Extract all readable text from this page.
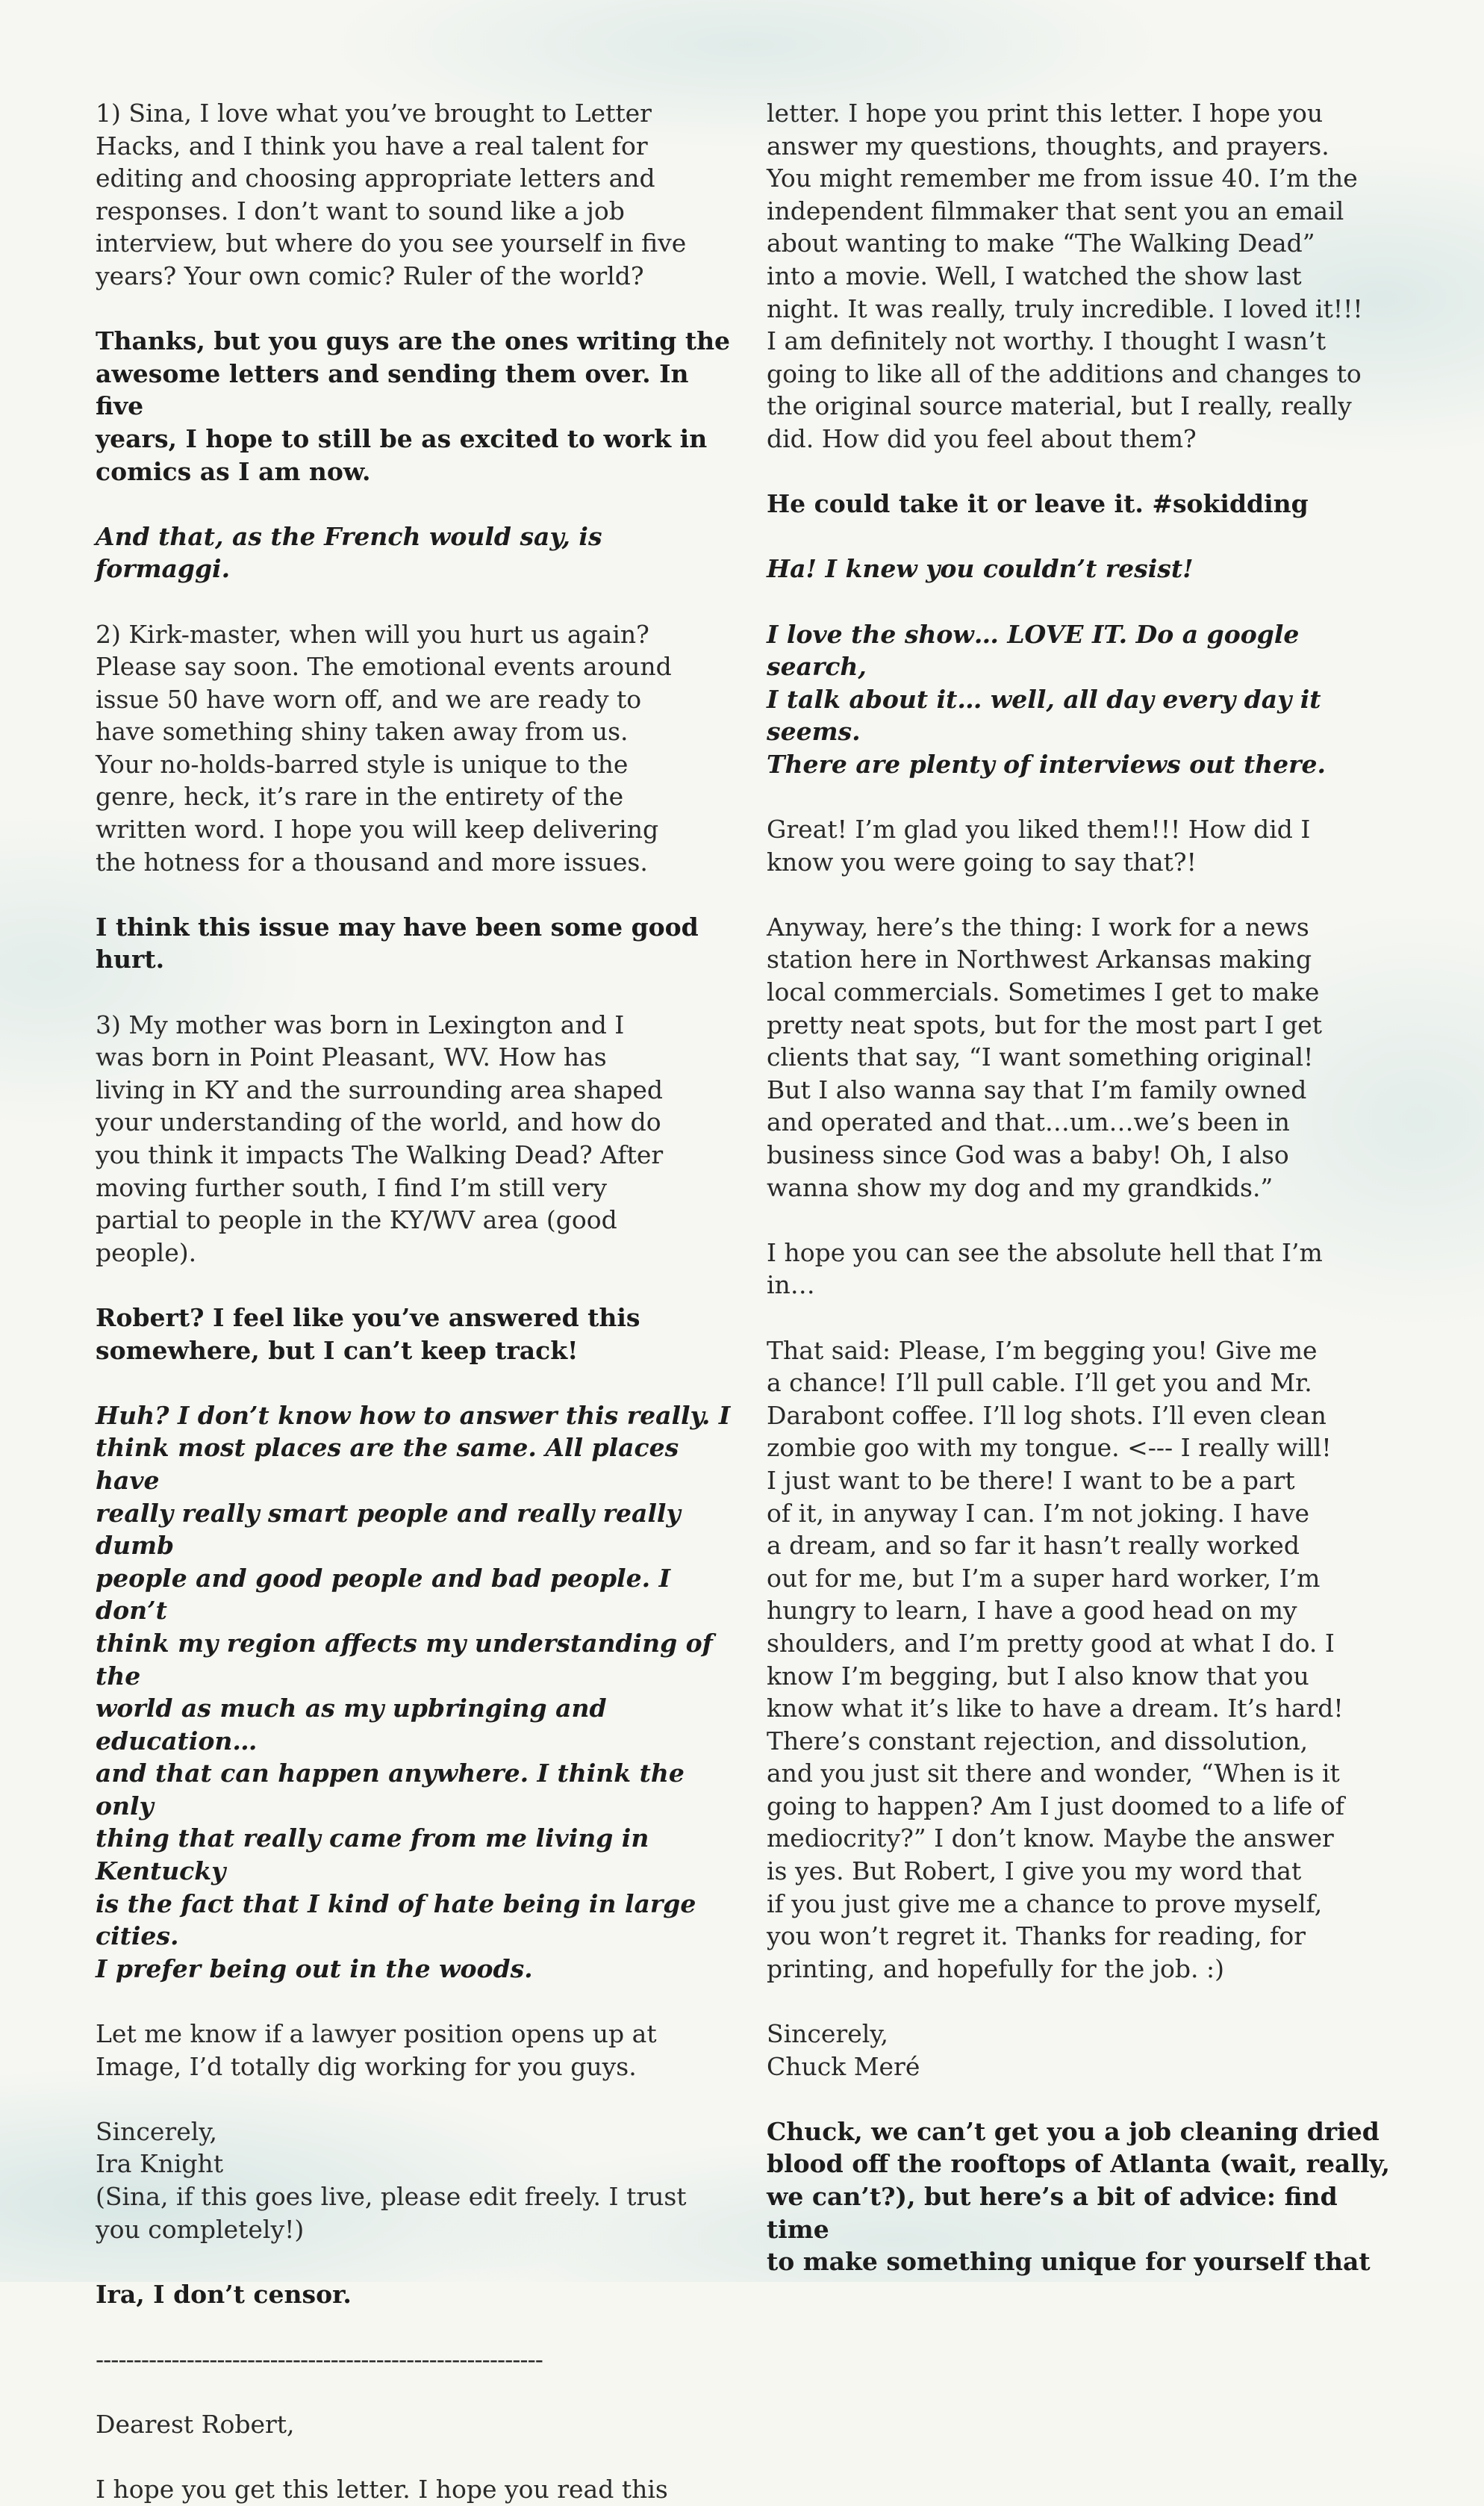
1) Sina, I love what you’ve brought to Letter
Hacks, and I think you have a real talent for
editing and choosing appropriate letters and
responses. I don’t want to sound like a job
interview, but where do you see yourself in five
years? Your own comic? Ruler of the world?

Thanks, but you guys are the ones writing the
awesome letters and sending them over. In five
years, I hope to still be as excited to work in
comics as I am now.

And that, as the French would say, is formaggi.

2) Kirk-master, when will you hurt us again?
Please say soon. The emotional events around
issue 50 have worn off, and we are ready to
have something shiny taken away from us.
Your no-holds-barred style is unique to the
genre, heck, it’s rare in the entirety of the
written word. I hope you will keep delivering
the hotness for a thousand and more issues.

I think this issue may have been some good
hurt.

3) My mother was born in Lexington and I
was born in Point Pleasant, WV. How has
living in KY and the surrounding area shaped
your understanding of the world, and how do
you think it impacts The Walking Dead? After
moving further south, I find I’m still very
partial to people in the KY/WV area (good
people).

Robert? I feel like you’ve answered this
somewhere, but I can’t keep track!

Huh? I don’t know how to answer this really. I
think most places are the same. All places have
really really smart people and really really dumb
people and good people and bad people. I don’t
think my region affects my understanding of the
world as much as my upbringing and education…
and that can happen anywhere. I think the only
thing that really came from me living in Kentucky
is the fact that I kind of hate being in large cities.
I prefer being out in the woods.

Let me know if a lawyer position opens up at
Image, I’d totally dig working for you guys.

Sincerely,
Ira Knight
(Sina, if this goes live, please edit freely. I trust
you completely!)

Ira, I don’t censor.

-----------------------------------------------------------

Dearest Robert,

I hope you get this letter. I hope you read this

letter. I hope you print this letter. I hope you
answer my questions, thoughts, and prayers.
You might remember me from issue 40. I’m the
independent filmmaker that sent you an email
about wanting to make “The Walking Dead”
into a movie. Well, I watched the show last
night. It was really, truly incredible. I loved it!!!
I am definitely not worthy. I thought I wasn’t
going to like all of the additions and changes to
the original source material, but I really, really
did. How did you feel about them?

He could take it or leave it. #sokidding

Ha! I knew you couldn’t resist!

I love the show… LOVE IT. Do a google search,
I talk about it… well, all day every day it seems.
There are plenty of interviews out there.

Great! I’m glad you liked them!!! How did I
know you were going to say that?!

Anyway, here’s the thing: I work for a news
station here in Northwest Arkansas making
local commercials. Sometimes I get to make
pretty neat spots, but for the most part I get
clients that say, “I want something original!
But I also wanna say that I’m family owned
and operated and that…um…we’s been in
business since God was a baby! Oh, I also
wanna show my dog and my grandkids.”

I hope you can see the absolute hell that I’m
in…

That said: Please, I’m begging you! Give me
a chance! I’ll pull cable. I’ll get you and Mr.
Darabont coffee. I’ll log shots. I’ll even clean
zombie goo with my tongue. <--- I really will!
I just want to be there! I want to be a part
of it, in anyway I can. I’m not joking. I have
a dream, and so far it hasn’t really worked
out for me, but I’m a super hard worker, I’m
hungry to learn, I have a good head on my
shoulders, and I’m pretty good at what I do. I
know I’m begging, but I also know that you
know what it’s like to have a dream. It’s hard!
There’s constant rejection, and dissolution,
and you just sit there and wonder, “When is it
going to happen? Am I just doomed to a life of
mediocrity?” I don’t know. Maybe the answer
is yes. But Robert, I give you my word that
if you just give me a chance to prove myself,
you won’t regret it. Thanks for reading, for
printing, and hopefully for the job. :)

Sincerely,
Chuck Meré

Chuck, we can’t get you a job cleaning dried
blood off the rooftops of Atlanta (wait, really,
we can’t?), but here’s a bit of advice: find time
to make something unique for yourself that
